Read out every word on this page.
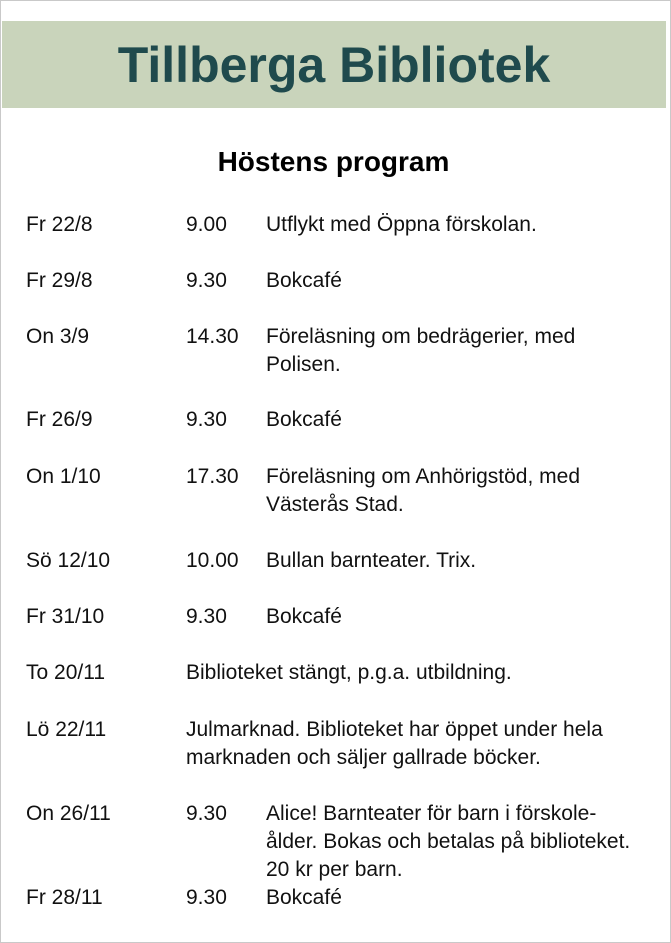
Tillberga Bibliotek
Höstens program
Fr 22/8	9.00 Utflykt med Öppna förskolan.
Fr 29/8	9.30 Bokcafé
On 3/9	14.30 Föreläsning om bedrägerier, med Polisen.
Fr 26/9	9.30 Bokcafé
On 1/10	17.30 Föreläsning om Anhörigstöd, med Västerås Stad.
Sö 12/10	10.00 Bullan barnteater. Trix.
Fr 31/10	9.30 Bokcafé
To 20/11	Biblioteket stängt, p.g.a. utbildning.
Lö 22/11	Julmarknad. Biblioteket har öppet under hela marknaden och säljer gallrade böcker.
On 26/11	9.30 Alice! Barnteater för barn i förskole-ålder. Bokas och betalas på biblioteket. 20 kr per barn.
Fr 28/11	9.30 Bokcafé
